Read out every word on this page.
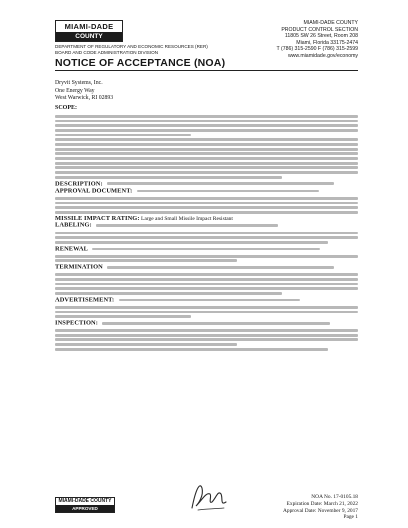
MIAMI-DADE
COUNTY
DEPARTMENT OF REGULATORY AND ECONOMIC RESOURCES (RER)
BOARD AND CODE ADMINISTRATION DIVISION
NOTICE OF ACCEPTANCE (NOA)
MIAMI-DADE COUNTY
PRODUCT CONTROL SECTION
11805 SW 26 Street, Room 208
Miami, Florida 33175-2474
T (786) 315-2590 F (786) 315-2599
www.miamidade.gov/economy
Dryvit Systems, Inc.
One Energy Way
West Warwick, RI 02893
SCOPE:
DESCRIPTION:
APPROVAL DOCUMENT:
MISSILE IMPACT RATING: Large and Small Missile Impact Resistant
LABELING:
RENEWAL
TERMINATION
ADVERTISEMENT:
INSPECTION:
MIAMI-DADE COUNTY
APPROVED
NOA No. 17-0105.18
Expiration Date: March 21, 2022
Approval Date: November 9, 2017
Page 1
